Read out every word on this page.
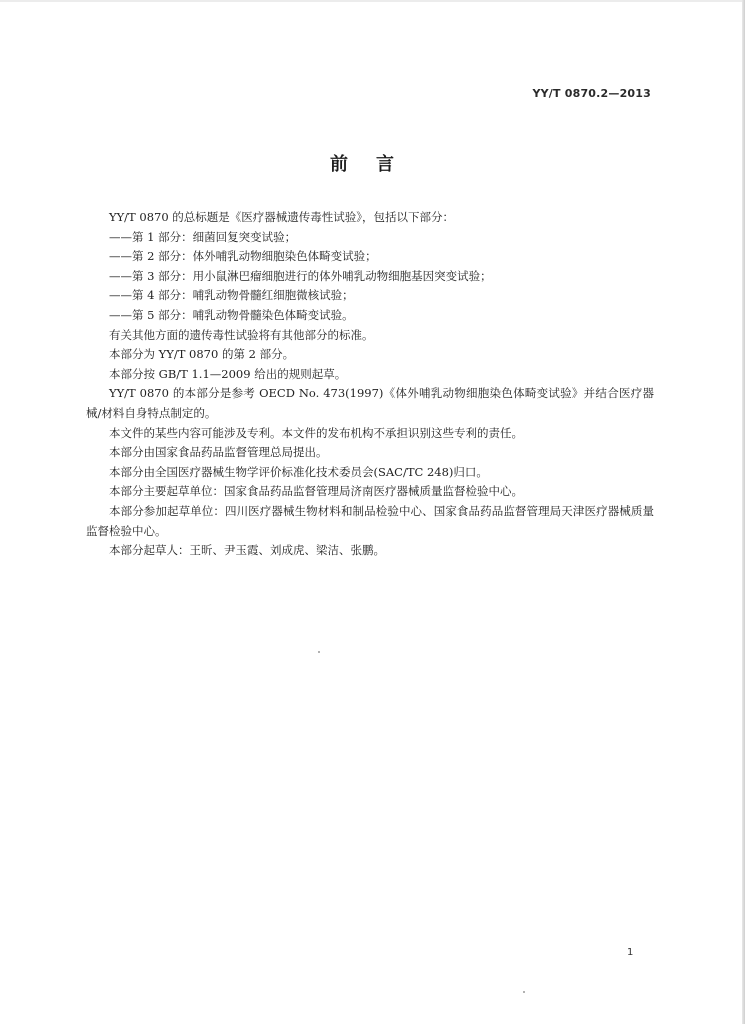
YY/T 0870.2—2013
前言

YY/T 0870 的总标题是《医疗器械遗传毒性试验》，包括以下部分：

——第 1 部分：细菌回复突变试验；

——第 2 部分：体外哺乳动物细胞染色体畸变试验；

——第 3 部分：用小鼠淋巴瘤细胞进行的体外哺乳动物细胞基因突变试验；

——第 4 部分：哺乳动物骨髓红细胞微核试验；

——第 5 部分：哺乳动物骨髓染色体畸变试验。

有关其他方面的遗传毒性试验将有其他部分的标准。

本部分为 YY/T 0870 的第 2 部分。

本部分按 GB/T 1.1—2009 给出的规则起草。

YY/T 0870 的本部分是参考 OECD No. 473(1997)《体外哺乳动物细胞染色体畸变试验》并结合医疗器械/材料自身特点制定的。

本文件的某些内容可能涉及专利。本文件的发布机构不承担识别这些专利的责任。

本部分由国家食品药品监督管理总局提出。

本部分由全国医疗器械生物学评价标准化技术委员会(SAC/TC 248)归口。

本部分主要起草单位：国家食品药品监督管理局济南医疗器械质量监督检验中心。

本部分参加起草单位：四川医疗器械生物材料和制品检验中心、国家食品药品监督管理局天津医疗器械质量监督检验中心。

本部分起草人：王昕、尹玉霞、刘成虎、梁洁、张鹏。

1
